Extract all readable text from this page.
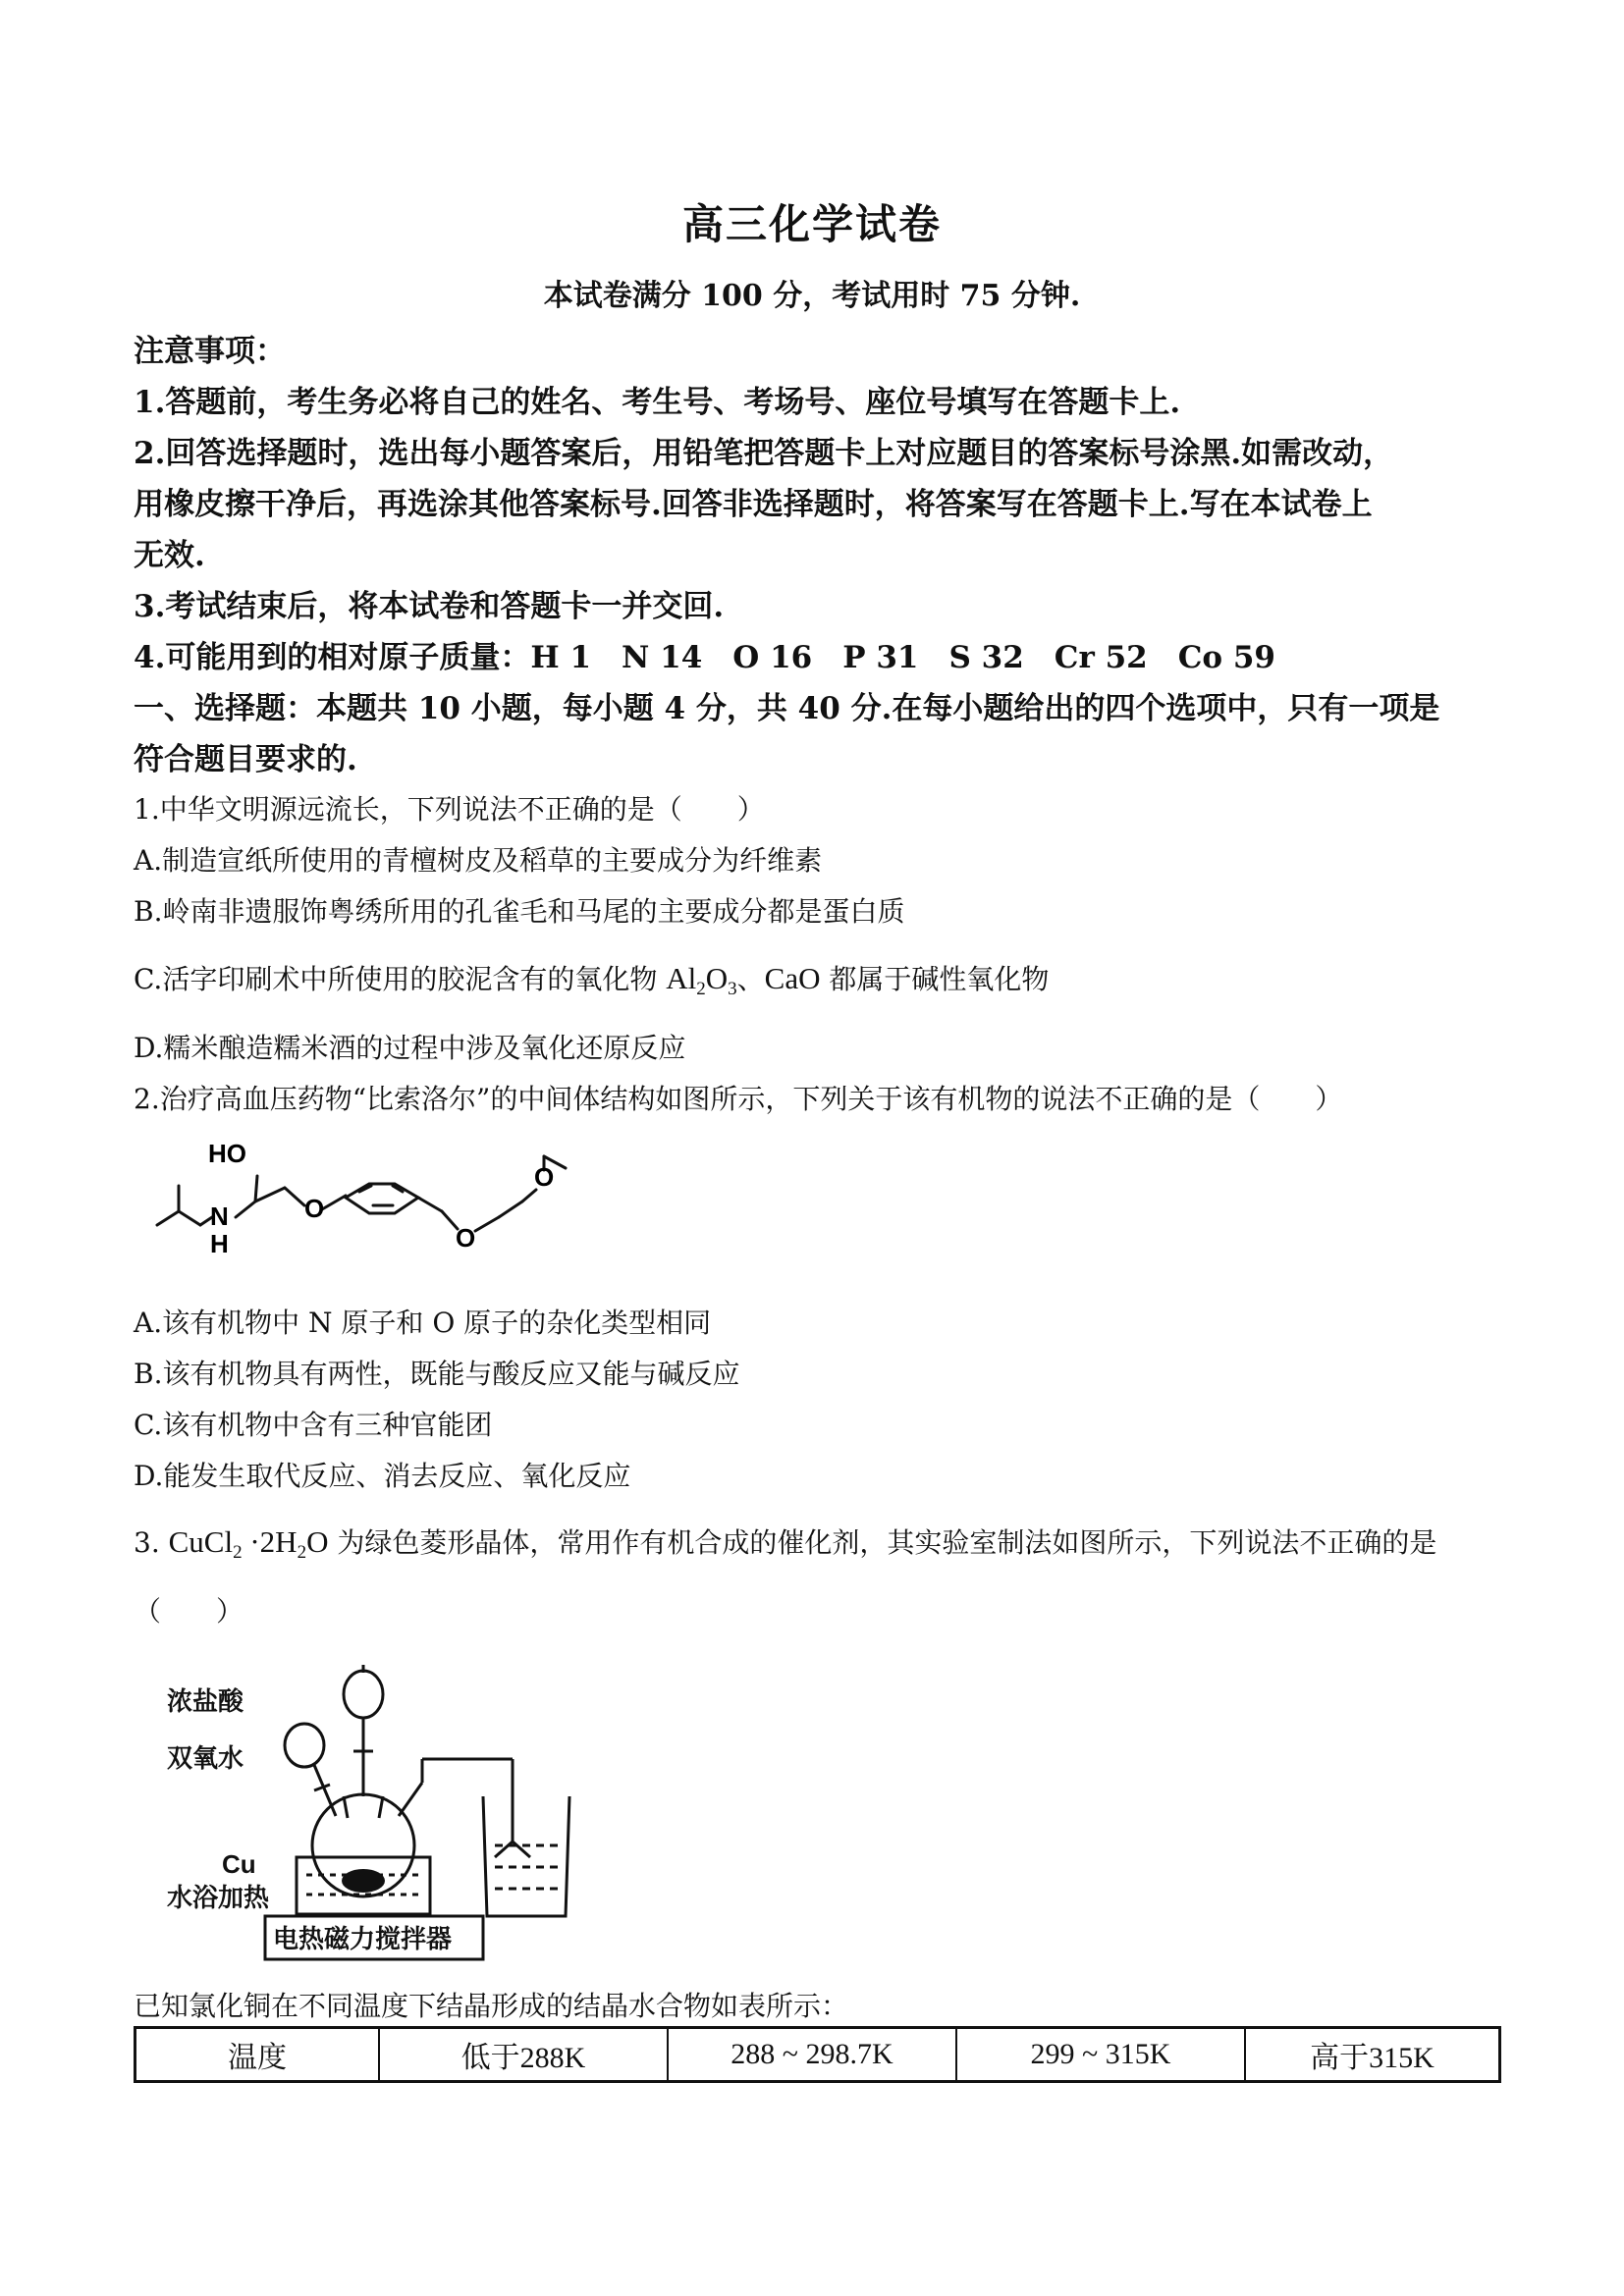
高三化学试卷
本试卷满分 100 分，考试用时 75 分钟.
注意事项：
1.答题前，考生务必将自己的姓名、考生号、考场号、座位号填写在答题卡上.
2.回答选择题时，选出每小题答案后，用铅笔把答题卡上对应题目的答案标号涂黑.如需改动，
用橡皮擦干净后，再选涂其他答案标号.回答非选择题时，将答案写在答题卡上.写在本试卷上
无效.
3.考试结束后，将本试卷和答题卡一并交回.
4.可能用到的相对原子质量：H 1　N 14　O 16　P 31　S 32　Cr 52　Co 59
一、选择题：本题共 10 小题，每小题 4 分，共 40 分.在每小题给出的四个选项中，只有一项是
符合题目要求的.
1.中华文明源远流长，下列说法不正确的是（　　）
A.制造宣纸所使用的青檀树皮及稻草的主要成分为纤维素
B.岭南非遗服饰粤绣所用的孔雀毛和马尾的主要成分都是蛋白质
C.活字印刷术中所使用的胶泥含有的氧化物 $Al_2O_3$、CaO 都属于碱性氧化物
D.糯米酿造糯米酒的过程中涉及氧化还原反应
2.治疗高血压药物“比索洛尔”的中间体结构如图所示，下列关于该有机物的说法不正确的是（　　）
HO
N
H
O
O
O
A.该有机物中 N 原子和 O 原子的杂化类型相同
B.该有机物具有两性，既能与酸反应又能与碱反应
C.该有机物中含有三种官能团
D.能发生取代反应、消去反应、氧化反应
3. CuCl$_2$ $\cdot 2H_2O$ 为绿色菱形晶体，常用作有机合成的催化剂，其实验室制法如图所示，下列说法不正确的是
（　　）
浓盐酸
双氧水
Cu
水浴加热
电热磁力搅拌器
已知氯化铜在不同温度下结晶形成的结晶水合物如表所示：
温度	低于288K	288 ~ 298.7K	299 ~ 315K	高于315K
